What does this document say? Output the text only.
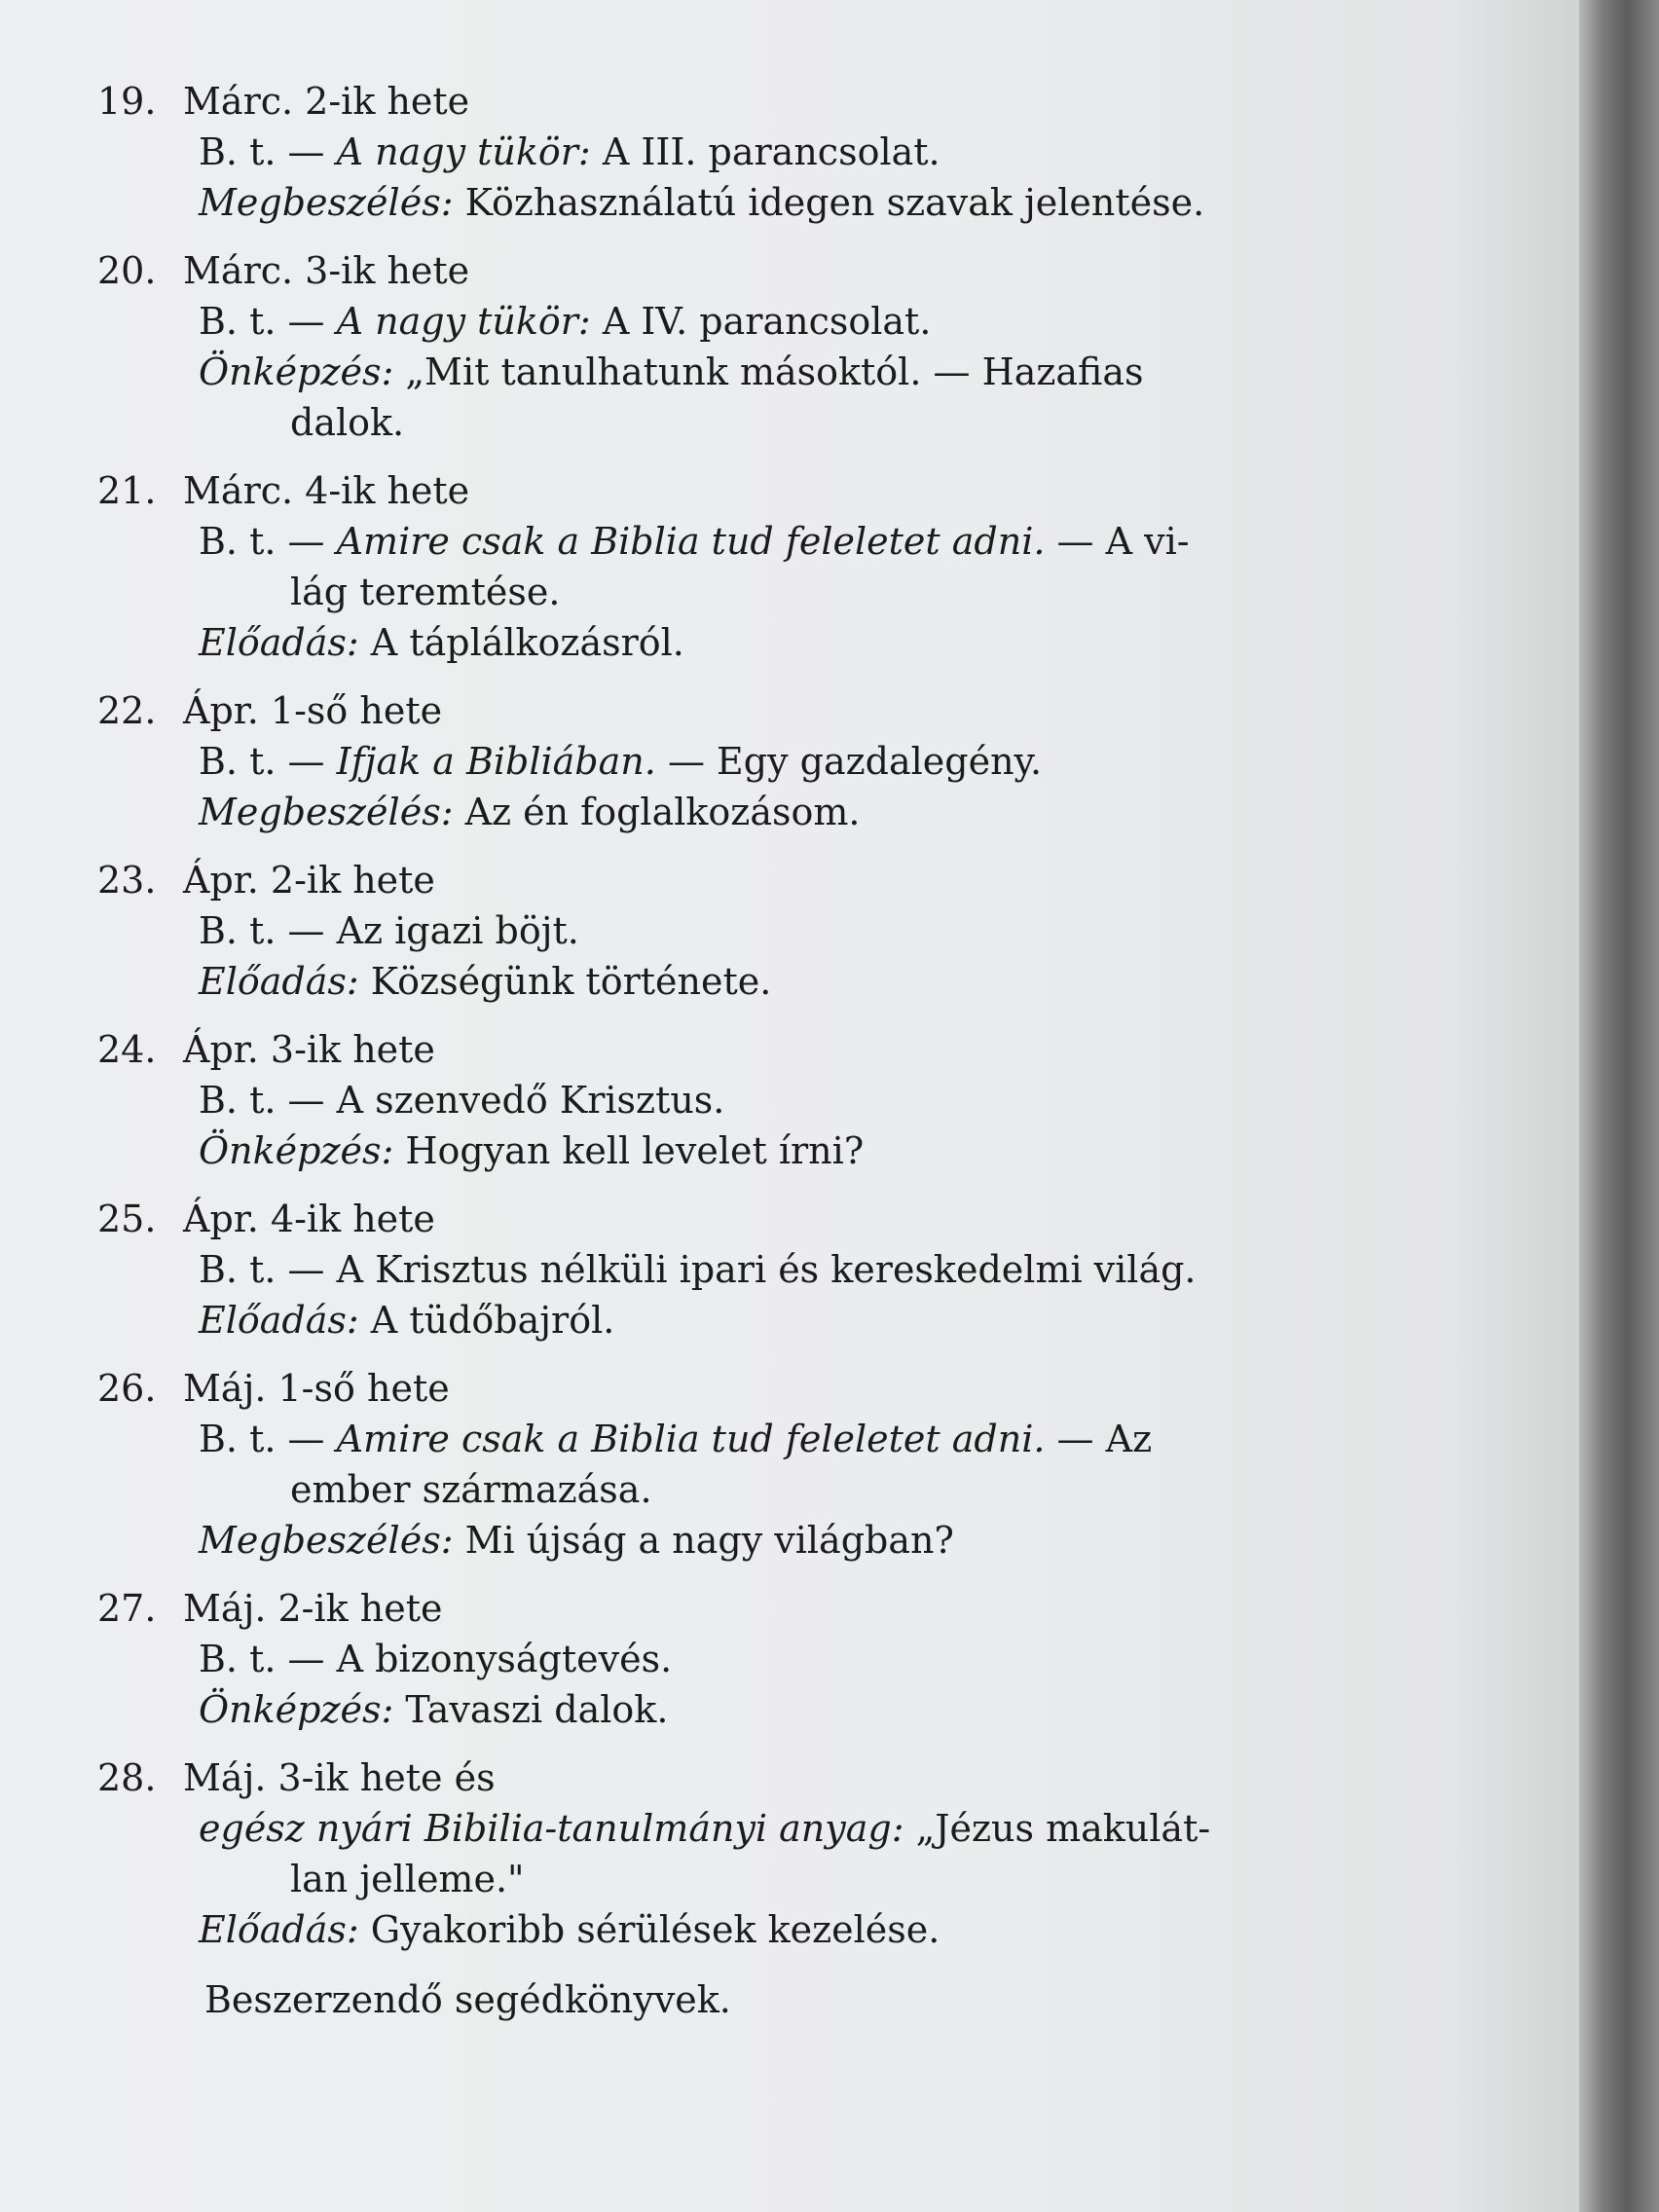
19. Márc. 2-ik hete
B. t. — A nagy tükör: A III. parancsolat.
Megbeszélés: Közhasználatú idegen szavak jelentése.
20. Márc. 3-ik hete
B. t. — A nagy tükör: A IV. parancsolat.
Önképzés: „Mit tanulhatunk másoktól. — Hazafias
dalok.
21. Márc. 4-ik hete
B. t. — Amire csak a Biblia tud feleletet adni. — A vi-
lág teremtése.
Előadás: A táplálkozásról.
22. Ápr. 1-ső hete
B. t. — Ifjak a Bibliában. — Egy gazdalegény.
Megbeszélés: Az én foglalkozásom.
23. Ápr. 2-ik hete
B. t. — Az igazi böjt.
Előadás: Községünk története.
24. Ápr. 3-ik hete
B. t. — A szenvedő Krisztus.
Önképzés: Hogyan kell levelet írni?
25. Ápr. 4-ik hete
B. t. — A Krisztus nélküli ipari és kereskedelmi világ.
Előadás: A tüdőbajról.
26. Máj. 1-ső hete
B. t. — Amire csak a Biblia tud feleletet adni. — Az
ember származása.
Megbeszélés: Mi újság a nagy világban?
27. Máj. 2-ik hete
B. t. — A bizonyságtevés.
Önképzés: Tavaszi dalok.
28. Máj. 3-ik hete és
egész nyári Bibilia-tanulmányi anyag: „Jézus makulát-
lan jelleme."
Előadás: Gyakoribb sérülések kezelése.
Beszerzendő segédkönyvek.
